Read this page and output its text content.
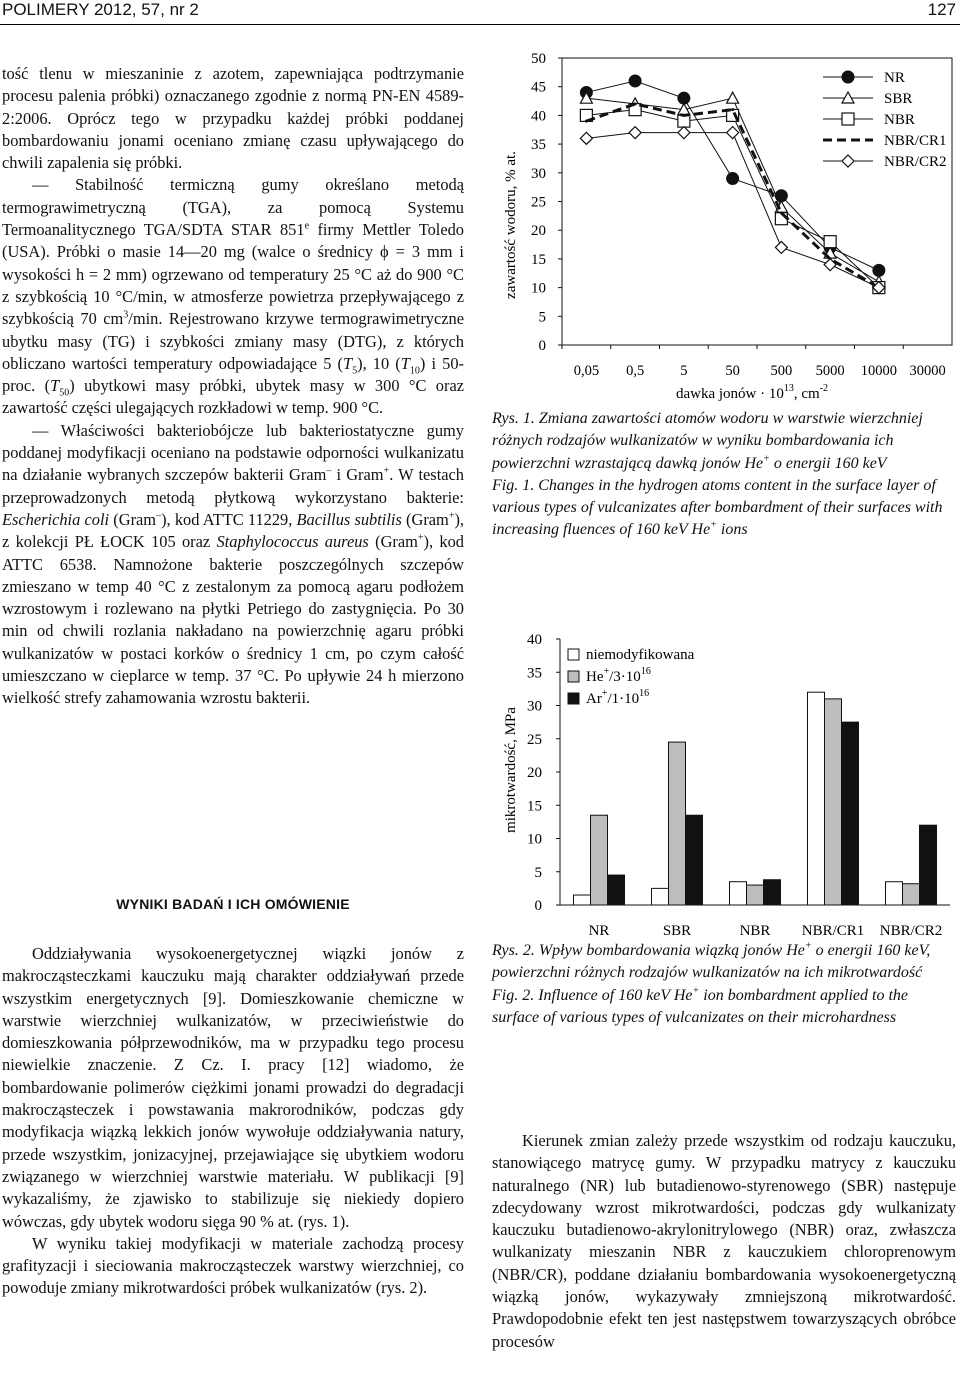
POLIMERY 2012, 57, nr 2	127

tość tlenu w mieszaninie z azotem, zapewniająca podtrzymanie procesu palenia próbki) oznaczanego zgodnie z normą PN-EN 4589-2:2006. Oprócz tego w przypadku każdej próbki poddanej bombardowaniu jonami oceniano zmianę czasu upływającego do chwili zapalenia się próbki.

— Stabilność termiczną gumy określano metodą termograwimetryczną (TGA), za pomocą Systemu Termoanalitycznego TGA/SDTA STAR 851e firmy Mettler Toledo (USA). Próbki o masie 14—20 mg (walce o średnicy ϕ = 3 mm i wysokości h = 2 mm) ogrzewano od temperatury 25 °C aż do 900 °C z szybkością 10 °C/min, w atmosferze powietrza przepływającego z szybkością 70 $cm^3/\min$. Rejestrowano krzywe termograwimetryczne ubytku masy (TG) i szybkości zmiany masy (DTG), z których obliczano wartości temperatury odpowiadające 5 $(T_5)$, 10 $(T_{10})$ i 50-proc. $(T_{50})$ ubytkowi masy próbki, ubytek masy w 300 °C oraz zawartość części ulegających rozkładowi w temp. 900 °C.

— Właściwości bakteriobójcze lub bakteriostatyczne gumy poddanej modyfikacji oceniano na podstawie odporności wulkanizatu na działanie wybranych szczepów bakterii Gram– i Gram+. W testach przeprowadzonych metodą płytkową wykorzystano bakterie: Escherichia coli (Gram–), kod ATTC 11229, Bacillus subtilis (Gram+), z kolekcji PŁ ŁOCK 105 oraz Staphylococcus aureus (Gram+), kod ATTC 6538. Namnożone bakterie poszczególnych szczepów zmieszano w temp 40 °C z zestalonym za pomocą agaru podłożem wzrostowym i rozlewano na płytki Petriego do zastygnięcia. Po 30 min od chwili rozlania nakładano na powierzchnię agaru próbki wulkanizatów w postaci korków o średnicy 1 cm, po czym całość umieszczano w cieplarce w temp. 37 °C. Po upływie 24 h mierzono wielkość strefy zahamowania wzrostu bakterii.

WYNIKI BADAŃ I ICH OMÓWIENIE

Oddziaływania wysokoenergetycznej wiązki jonów z makrocząsteczkami kauczuku mają charakter oddziaływań przede wszystkim energetycznych [9]. Domieszkowanie chemiczne w warstwie wierzchniej wulkanizatów, w przeciwieństwie do domieszkowania półprzewodników, ma w przypadku tego procesu niewielkie znaczenie. Z Cz. I. pracy [12] wiadomo, że bombardowanie polimerów ciężkimi jonami prowadzi do degradacji makrocząsteczek i powstawania makrorodników, podczas gdy modyfikacja wiązką lekkich jonów wywołuje oddziaływania natury, przede wszystkim, jonizacyjnej, przejawiające się ubytkiem wodoru związanego w wierzchniej warstwie materiału. W publikacji [9] wykazaliśmy, że zjawisko to stabilizuje się niekiedy dopiero wówczas, gdy ubytek wodoru sięga 90 % at. (rys. 1).

W wyniku takiej modyfikacji w materiale zachodzą procesy grafityzacji i sieciowania makrocząsteczek warstwy wierzchniej, co powoduje zmiany mikrotwardości próbek wulkanizatów (rys. 2).

0
5
10
15
20
25
30
35
40
45
50
0,05 0,5 5	50 500 5000 10000 30000
NR
SBR
NBR
NBR/CR1
NBR/CR2
zawartość wodoru, % at.
dawka jonów · $10^{13}$, $cm^{-2}$

Rys. 1. Zmiana zawartości atomów wodoru w warstwie wierzchniej różnych rodzajów wulkanizatów w wyniku bombardowania ich powierzchni wzrastającą dawką jonów He+ o energii 160 keV

Fig. 1. Changes in the hydrogen atoms content in the surface layer of various types of vulcanizates after bombardment of their surfaces with increasing fluences of 160 keV He+ ions

0
5
10
15
20
25
30
35
40
NR	SBR	NBR NBR/CR1 NBR/CR2
niemodyfikowana
$He^+/3\cdot 10^{16}$
$Ar^+/1\cdot 10^{16}$
mikrotwardość, MPa

Rys. 2. Wpływ bombardowania wiązką jonów He+ o energii 160 keV, powierzchni różnych rodzajów wulkanizatów na ich mikrotwardość

Fig. 2. Influence of 160 keV He+ ion bombardment applied to the surface of various types of vulcanizates on their microhardness

Kierunek zmian zależy przede wszystkim od rodzaju kauczuku, stanowiącego matrycę gumy. W przypadku matrycy z kauczuku naturalnego (NR) lub butadienowo-styrenowego (SBR) następuje zdecydowany wzrost mikrotwardości, podczas gdy wulkanizaty kauczuku butadienowo-akrylonitrylowego (NBR) oraz, zwłaszcza wulkanizaty mieszanin NBR z kauczukiem chloroprenowym (NBR/CR), poddane działaniu bombardowania wysokoenergetyczną wiązką jonów, wykazywały zmniejszoną mikrotwardość. Prawdopodobnie efekt ten jest następstwem towarzyszących obróbce procesów
